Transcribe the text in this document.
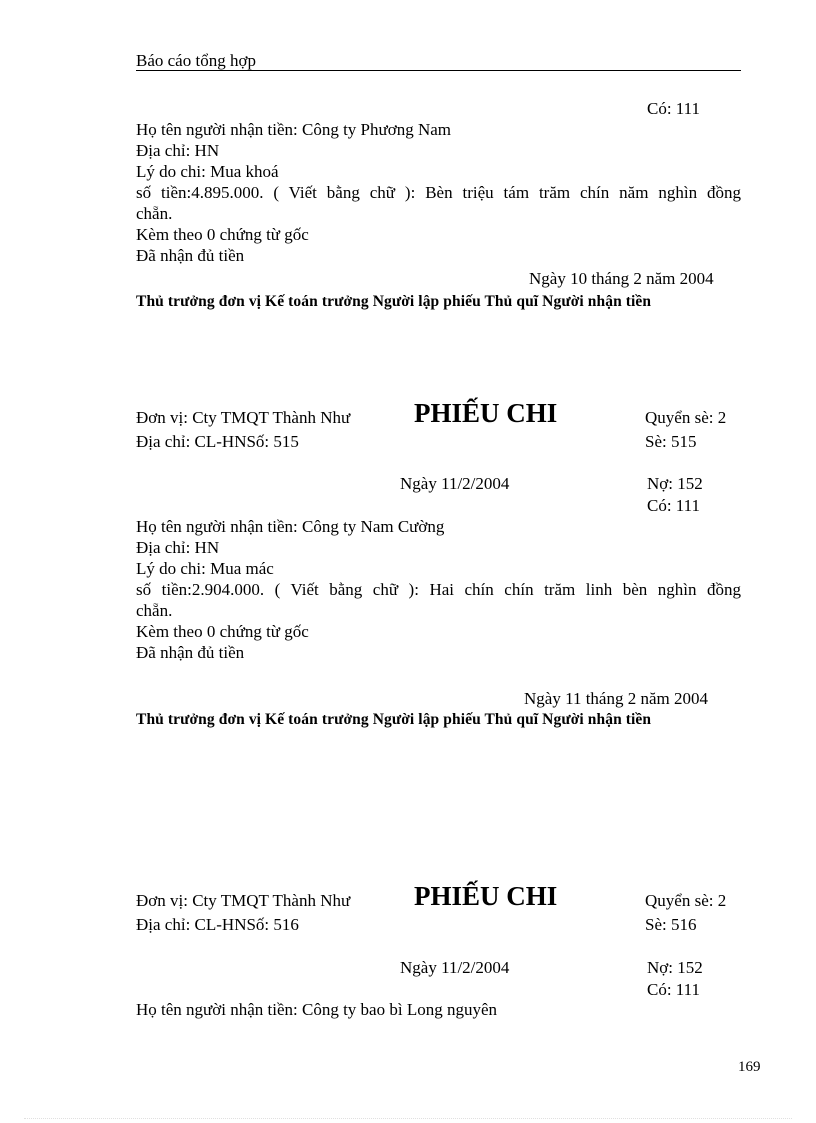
Báo cáo tổng hợp
Có: 111
Họ tên người nhận tiền: Công ty Phương Nam
Địa chỉ: HN
Lý do chi: Mua khoá
số tiền:4.895.000. ( Viết bằng chữ ): Bèn triệu tám trăm chín năm nghìn đồng
chẵn.
Kèm theo 0 chứng từ gốc
Đã nhận đủ tiền
Ngày 10 tháng 2 năm 2004
Thủ trưởng đơn vị Kế toán trưởng Người lập phiếu Thủ quĩ Người nhận tiền
Đơn vị: Cty TMQT Thành Như PHIẾU CHI	Quyển sè: 2
Địa chỉ: CL-HNSố: 515	Sè: 515
Ngày 11/2/2004	Nợ: 152
Có: 111
Họ tên người nhận tiền: Công ty Nam Cường
Địa chỉ: HN
Lý do chi: Mua mác
số tiền:2.904.000. ( Viết bằng chữ ): Hai chín chín trăm linh bèn nghìn đồng
chẵn.
Kèm theo 0 chứng từ gốc
Đã nhận đủ tiền
Ngày 11 tháng 2 năm 2004
Thủ trưởng đơn vị Kế toán trưởng Người lập phiếu Thủ quĩ Người nhận tiền
Đơn vị: Cty TMQT Thành Như PHIẾU CHI	Quyển sè: 2
Địa chỉ: CL-HNSố: 516	Sè: 516
Ngày 11/2/2004	Nợ: 152
Có: 111
Họ tên người nhận tiền: Công ty bao bì Long nguyên
169
